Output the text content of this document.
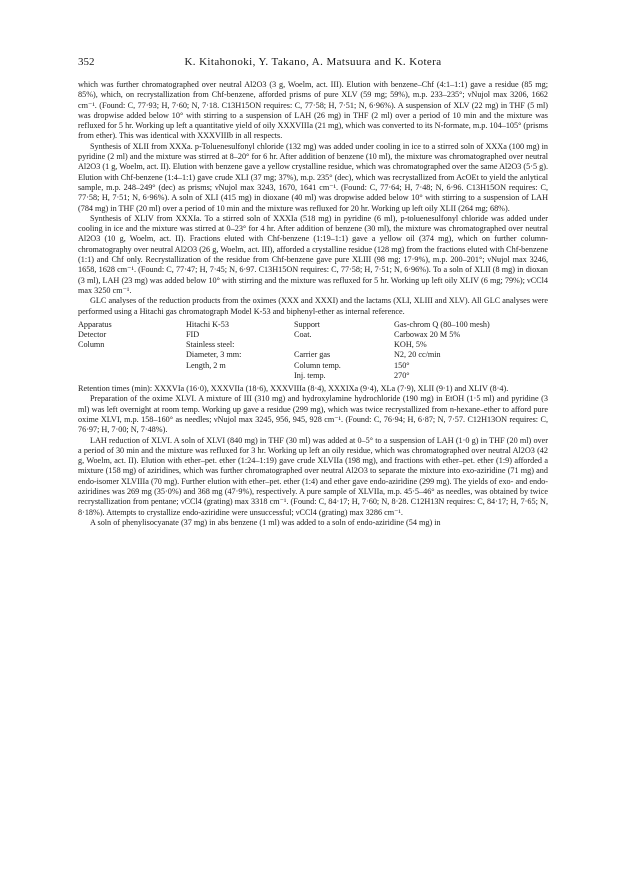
352	K. Kitahonoki, Y. Takano, A. Matsuura and K. Kotera

which was further chromatographed over neutral Al2O3 (3 g, Woelm, act. III). Elution with benzene–Chf (4:1–1:1) gave a residue (85 mg; 85%), which, on recrystallization from Chf-benzene, afforded prisms of pure XLV (59 mg; 59%), m.p. 233–235°; νNujol max 3206, 1662 cm⁻¹. (Found: C, 77·93; H, 7·60; N, 7·18. C13H15ON requires: C, 77·58; H, 7·51; N, 6·96%). A suspension of XLV (22 mg) in THF (5 ml) was dropwise added below 10° with stirring to a suspension of LAH (26 mg) in THF (2 ml) over a period of 10 min and the mixture was refluxed for 5 hr. Working up left a quantitative yield of oily XXXVIIIa (21 mg), which was converted to its N-formate, m.p. 104–105° (prisms from ether). This was identical with XXXVIIIb in all respects.

Synthesis of XLII from XXXa. p-Toluenesulfonyl chloride (132 mg) was added under cooling in ice to a stirred soln of XXXa (100 mg) in pyridine (2 ml) and the mixture was stirred at 8–20° for 6 hr. After addition of benzene (10 ml), the mixture was chromatographed over neutral Al2O3 (1 g, Woelm, act. II). Elution with benzene gave a yellow crystalline residue, which was chromatographed over the same Al2O3 (5·5 g). Elution with Chf-benzene (1:4–1:1) gave crude XLI (37 mg; 37%), m.p. 235° (dec), which was recrystallized from AcOEt to yield the anlytical sample, m.p. 248–249° (dec) as prisms; νNujol max 3243, 1670, 1641 cm⁻¹. (Found: C, 77·64; H, 7·48; N, 6·96. C13H15ON requires: C, 77·58; H, 7·51; N, 6·96%). A soln of XLI (415 mg) in dioxane (40 ml) was dropwise added below 10° with stirring to a suspension of LAH (784 mg) in THF (20 ml) over a period of 10 min and the mixture was refluxed for 20 hr. Working up left oily XLII (264 mg; 68%).

Synthesis of XLIV from XXXIa. To a stirred soln of XXXIa (518 mg) in pyridine (6 ml), p-toluenesulfonyl chloride was added under cooling in ice and the mixture was stirred at 0–23° for 4 hr. After addition of benzene (30 ml), the mixture was chromatographed over neutral Al2O3 (10 g, Woelm, act. II). Fractions eluted with Chf-benzene (1:19–1:1) gave a yellow oil (374 mg), which on further column-chromatography over neutral Al2O3 (26 g, Woelm, act. III), afforded a crystalline residue (128 mg) from the fractions eluted with Chf-benzene (1:1) and Chf only. Recrystallization of the residue from Chf-benzene gave pure XLIII (98 mg; 17·9%), m.p. 200–201°; νNujol max 3246, 1658, 1628 cm⁻¹. (Found: C, 77·47; H, 7·45; N, 6·97. C13H15ON requires: C, 77·58; H, 7·51; N, 6·96%). To a soln of XLII (8 mg) in dioxan (3 ml), LAH (23 mg) was added below 10° with stirring and the mixture was refluxed for 5 hr. Working up left oily XLIV (6 mg; 79%); νCCl4 max 3250 cm⁻¹.

GLC analyses of the reduction products from the oximes (XXX and XXXI) and the lactams (XLI, XLIII and XLV). All GLC analyses were performed using a Hitachi gas chromatograph Model K-53 and biphenyl-ether as internal reference.

Apparatus	Hitachi K-53	Support	Gas-chrom Q (80–100 mesh)
Detector	FID	Coat.	Carbowax 20 M 5%
Column	Stainless steel:		KOH, 5%
	Diameter, 3 mm:	Carrier gas	N2, 20 cc/min
	Length, 2 m	Column temp.	150°
		Inj. temp.	270°

Retention times (min): XXXVIa (16·0), XXXVIIa (18·6), XXXVIIIa (8·4), XXXIXa (9·4), XLa (7·9), XLII (9·1) and XLIV (8·4).

Preparation of the oxime XLVI. A mixture of III (310 mg) and hydroxylamine hydrochloride (190 mg) in EtOH (1·5 ml) and pyridine (3 ml) was left overnight at room temp. Working up gave a residue (299 mg), which was twice recrystallized from n-hexane–ether to afford pure oxime XLVI, m.p. 158–160° as needles; νNujol max 3245, 956, 945, 928 cm⁻¹. (Found: C, 76·94; H, 6·87; N, 7·57. C12H13ON requires: C, 76·97; H, 7·00; N, 7·48%).

LAH reduction of XLVI. A soln of XLVI (840 mg) in THF (30 ml) was added at 0–5° to a suspension of LAH (1·0 g) in THF (20 ml) over a period of 30 min and the mixture was refluxed for 3 hr. Working up left an oily residue, which was chromatographed over neutral Al2O3 (42 g, Woelm, act. II). Elution with ether–pet. ether (1:24–1:19) gave crude XLVIIa (198 mg), and fractions with ether–pet. ether (1:9) afforded a mixture (158 mg) of aziridines, which was further chromatographed over neutral Al2O3 to separate the mixture into exo-aziridine (71 mg) and endo-isomer XLVIIIa (70 mg). Further elution with ether–pet. ether (1:4) and ether gave endo-aziridine (299 mg). The yields of exo- and endo-aziridines was 269 mg (35·0%) and 368 mg (47·9%), respectively. A pure sample of XLVIIa, m.p. 45·5–46° as needles, was obtained by twice recrystallization from pentane; νCCl4 (grating) max 3318 cm⁻¹. (Found: C, 84·17; H, 7·60; N, 8·28. C12H13N requires: C, 84·17; H, 7·65; N, 8·18%). Attempts to crystallize endo-aziridine were unsuccessful; νCCl4 (grating) max 3286 cm⁻¹.

A soln of phenylisocyanate (37 mg) in abs benzene (1 ml) was added to a soln of endo-aziridine (54 mg) in
